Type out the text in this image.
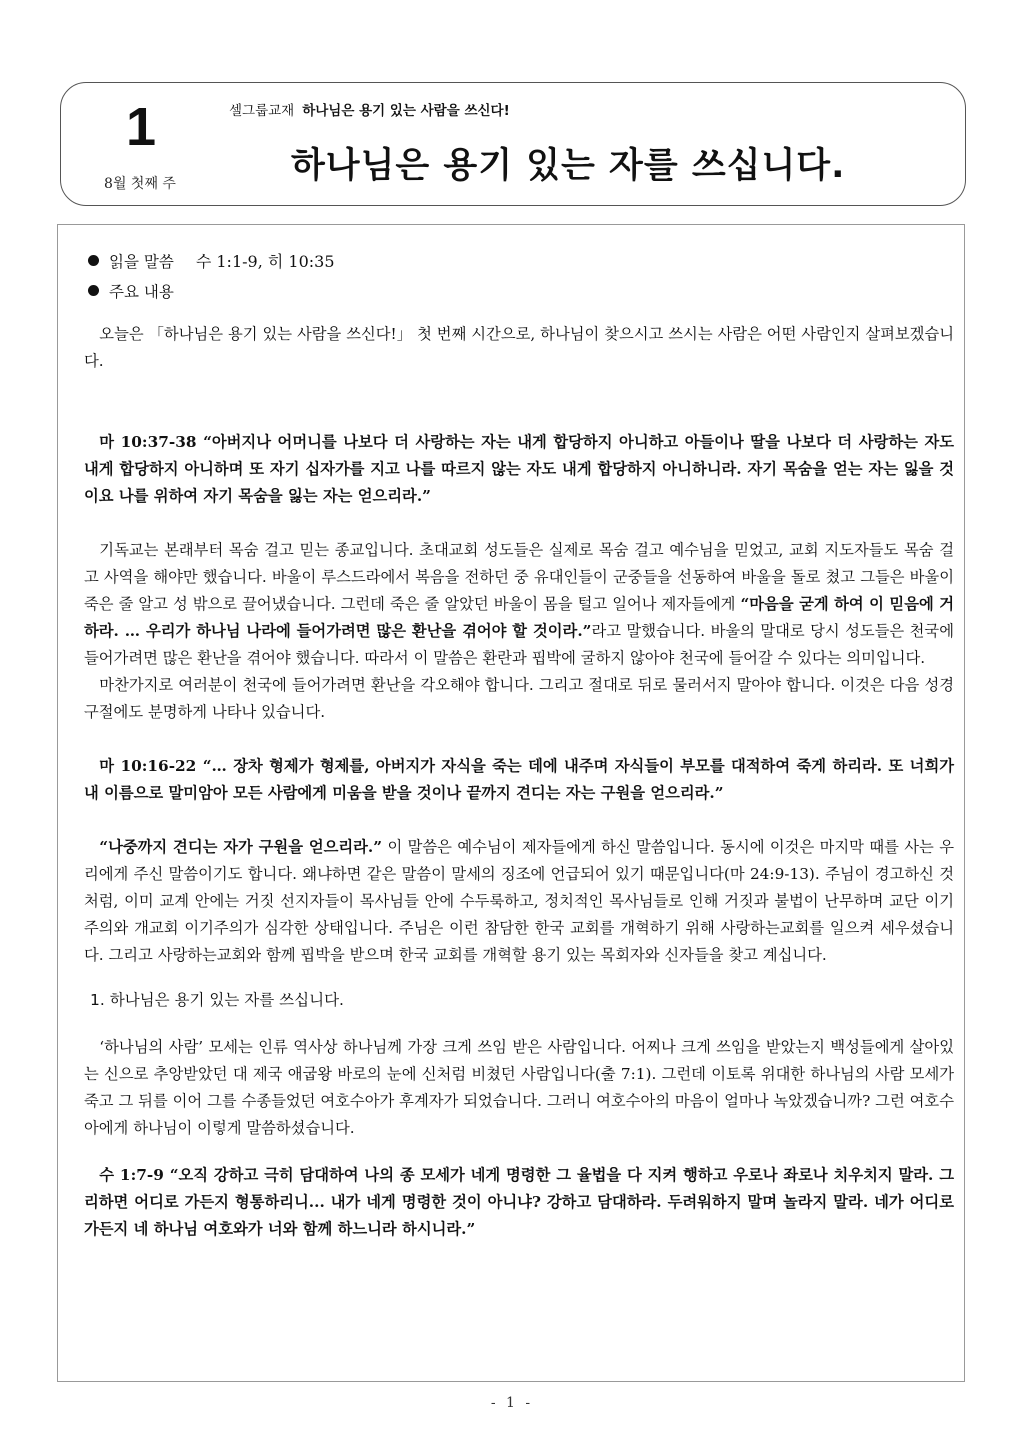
1
8월 첫째 주
셀그룹교재 하나님은 용기 있는 사람을 쓰신다!
하나님은 용기 있는 자를 쓰십니다.
읽을 말씀 수 1:1-9, 히 10:35
주요 내용

오늘은 「하나님은 용기 있는 사람을 쓰신다!」 첫 번째 시간으로, 하나님이 찾으시고 쓰시는 사람은 어떤 사람인지 살펴보겠습니다.

마 10:37-38 “아버지나 어머니를 나보다 더 사랑하는 자는 내게 합당하지 아니하고 아들이나 딸을 나보다 더 사랑하는 자도 내게 합당하지 아니하며 또 자기 십자가를 지고 나를 따르지 않는 자도 내게 합당하지 아니하니라. 자기 목숨을 얻는 자는 잃을 것이요 나를 위하여 자기 목숨을 잃는 자는 얻으리라.”

기독교는 본래부터 목숨 걸고 믿는 종교입니다. 초대교회 성도들은 실제로 목숨 걸고 예수님을 믿었고, 교회 지도자들도 목숨 걸고 사역을 해야만 했습니다. 바울이 루스드라에서 복음을 전하던 중 유대인들이 군중들을 선동하여 바울을 돌로 쳤고 그들은 바울이 죽은 줄 알고 성 밖으로 끌어냈습니다. 그런데 죽은 줄 알았던 바울이 몸을 털고 일어나 제자들에게 “마음을 굳게 하여 이 믿음에 거하라. … 우리가 하나님 나라에 들어가려면 많은 환난을 겪어야 할 것이라.”라고 말했습니다. 바울의 말대로 당시 성도들은 천국에 들어가려면 많은 환난을 겪어야 했습니다. 따라서 이 말씀은 환란과 핍박에 굴하지 않아야 천국에 들어갈 수 있다는 의미입니다.

마찬가지로 여러분이 천국에 들어가려면 환난을 각오해야 합니다. 그리고 절대로 뒤로 물러서지 말아야 합니다. 이것은 다음 성경 구절에도 분명하게 나타나 있습니다.

마 10:16-22 “… 장차 형제가 형제를, 아버지가 자식을 죽는 데에 내주며 자식들이 부모를 대적하여 죽게 하리라. 또 너희가 내 이름으로 말미암아 모든 사람에게 미움을 받을 것이나 끝까지 견디는 자는 구원을 얻으리라.”

“나중까지 견디는 자가 구원을 얻으리라.” 이 말씀은 예수님이 제자들에게 하신 말씀입니다. 동시에 이것은 마지막 때를 사는 우리에게 주신 말씀이기도 합니다. 왜냐하면 같은 말씀이 말세의 징조에 언급되어 있기 때문입니다(마 24:9-13). 주님이 경고하신 것처럼, 이미 교계 안에는 거짓 선지자들이 목사님들 안에 수두룩하고, 정치적인 목사님들로 인해 거짓과 불법이 난무하며 교단 이기주의와 개교회 이기주의가 심각한 상태입니다. 주님은 이런 참담한 한국 교회를 개혁하기 위해 사랑하는교회를 일으켜 세우셨습니다. 그리고 사랑하는교회와 함께 핍박을 받으며 한국 교회를 개혁할 용기 있는 목회자와 신자들을 찾고 계십니다.

1. 하나님은 용기 있는 자를 쓰십니다.

‘하나님의 사람’ 모세는 인류 역사상 하나님께 가장 크게 쓰임 받은 사람입니다. 어찌나 크게 쓰임을 받았는지 백성들에게 살아있는 신으로 추앙받았던 대 제국 애굽왕 바로의 눈에 신처럼 비쳤던 사람입니다(출 7:1). 그런데 이토록 위대한 하나님의 사람 모세가 죽고 그 뒤를 이어 그를 수종들었던 여호수아가 후계자가 되었습니다. 그러니 여호수아의 마음이 얼마나 녹았겠습니까? 그런 여호수아에게 하나님이 이렇게 말씀하셨습니다.

수 1:7-9 “오직 강하고 극히 담대하여 나의 종 모세가 네게 명령한 그 율법을 다 지켜 행하고 우로나 좌로나 치우치지 말라. 그리하면 어디로 가든지 형통하리니... 내가 네게 명령한 것이 아니냐? 강하고 담대하라. 두려워하지 말며 놀라지 말라. 네가 어디로 가든지 네 하나님 여호와가 너와 함께 하느니라 하시니라.”

- 1 -
